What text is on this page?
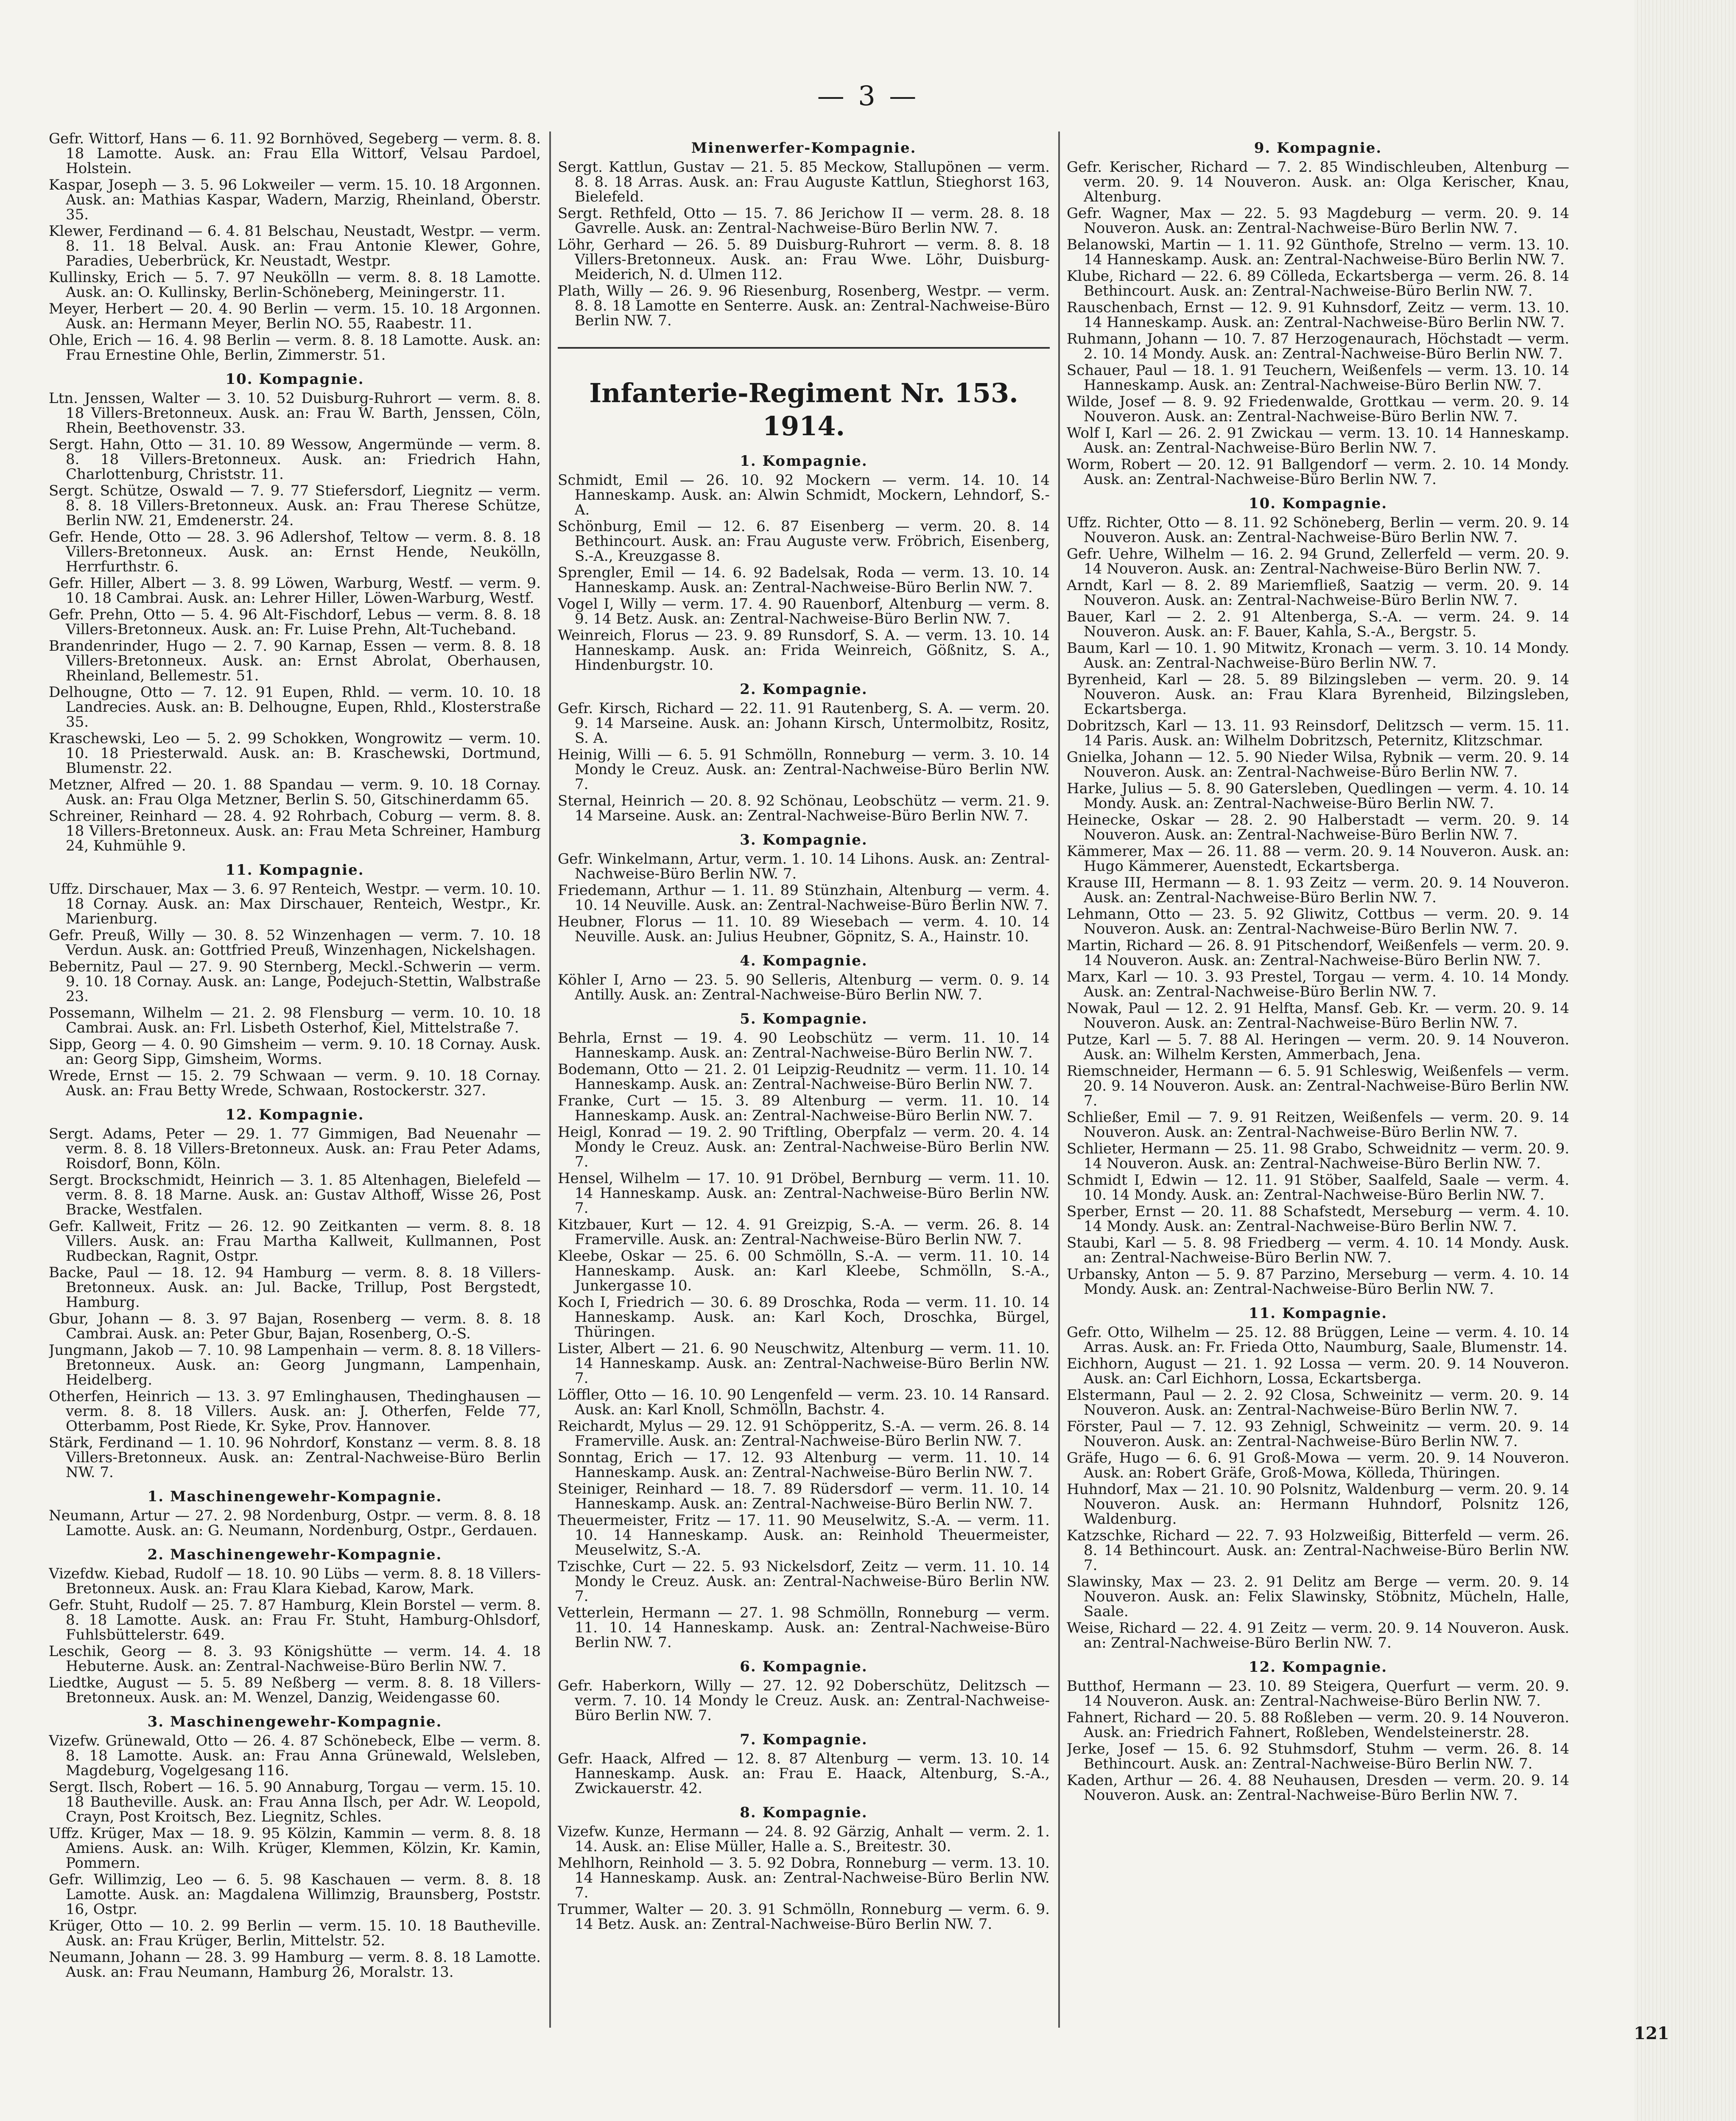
— 3 —
Gefr. Wittorf, Hans — 6. 11. 92 Bornhöved, Segeberg — verm. 8. 8. 18 Lamotte. Ausk. an: Frau Ella Wittorf, Velsau Pardoel, Holstein.
Kaspar, Joseph — 3. 5. 96 Lokweiler — verm. 15. 10. 18 Argonnen. Ausk. an: Mathias Kaspar, Wadern, Marzig, Rheinland, Oberstr. 35.
Klewer, Ferdinand — 6. 4. 81 Belschau, Neustadt, Westpr. — verm. 8. 11. 18 Belval. Ausk. an: Frau Antonie Klewer, Gohre, Paradies, Ueberbrück, Kr. Neustadt, Westpr.
Kullinsky, Erich — 5. 7. 97 Neukölln — verm. 8. 8. 18 Lamotte. Ausk. an: O. Kullinsky, Berlin-Schöneberg, Meiningerstr. 11.
Meyer, Herbert — 20. 4. 90 Berlin — verm. 15. 10. 18 Argonnen. Ausk. an: Hermann Meyer, Berlin NO. 55, Raabestr. 11.
Ohle, Erich — 16. 4. 98 Berlin — verm. 8. 8. 18 Lamotte. Ausk. an: Frau Ernestine Ohle, Berlin, Zimmerstr. 51.
10. Kompagnie.
Ltn. Jenssen, Walter — 3. 10. 52 Duisburg-Ruhrort — verm. 8. 8. 18 Villers-Bretonneux. Ausk. an: Frau W. Barth, Jenssen, Cöln, Rhein, Beethovenstr. 33.
Sergt. Hahn, Otto — 31. 10. 89 Wessow, Angermünde — verm. 8. 8. 18 Villers-Bretonneux. Ausk. an: Friedrich Hahn, Charlottenburg, Christstr. 11.
Sergt. Schütze, Oswald — 7. 9. 77 Stiefersdorf, Liegnitz — verm. 8. 8. 18 Villers-Bretonneux. Ausk. an: Frau Therese Schütze, Berlin NW. 21, Emdenerstr. 24.
Gefr. Hende, Otto — 28. 3. 96 Adlershof, Teltow — verm. 8. 8. 18 Villers-Bretonneux. Ausk. an: Ernst Hende, Neukölln, Herrfurthstr. 6.
Gefr. Hiller, Albert — 3. 8. 99 Löwen, Warburg, Westf. — verm. 9. 10. 18 Cambrai. Ausk. an: Lehrer Hiller, Löwen-Warburg, Westf.
Gefr. Prehn, Otto — 5. 4. 96 Alt-Fischdorf, Lebus — verm. 8. 8. 18 Villers-Bretonneux. Ausk. an: Fr. Luise Prehn, Alt-Tucheband.
Brandenrinder, Hugo — 2. 7. 90 Karnap, Essen — verm. 8. 8. 18 Villers-Bretonneux. Ausk. an: Ernst Abrolat, Oberhausen, Rheinland, Bellemestr. 51.
Delhougne, Otto — 7. 12. 91 Eupen, Rhld. — verm. 10. 10. 18 Landrecies. Ausk. an: B. Delhougne, Eupen, Rhld., Klosterstraße 35.
Kraschewski, Leo — 5. 2. 99 Schokken, Wongrowitz — verm. 10. 10. 18 Priesterwald. Ausk. an: B. Kraschewski, Dortmund, Blumenstr. 22.
Metzner, Alfred — 20. 1. 88 Spandau — verm. 9. 10. 18 Cornay. Ausk. an: Frau Olga Metzner, Berlin S. 50, Gitschinerdamm 65.
Schreiner, Reinhard — 28. 4. 92 Rohrbach, Coburg — verm. 8. 8. 18 Villers-Bretonneux. Ausk. an: Frau Meta Schreiner, Hamburg 24, Kuhmühle 9.
11. Kompagnie.
Uffz. Dirschauer, Max — 3. 6. 97 Renteich, Westpr. — verm. 10. 10. 18 Cornay. Ausk. an: Max Dirschauer, Renteich, Westpr., Kr. Marienburg.
Gefr. Preuß, Willy — 30. 8. 52 Winzenhagen — verm. 7. 10. 18 Verdun. Ausk. an: Gottfried Preuß, Winzenhagen, Nickelshagen.
Bebernitz, Paul — 27. 9. 90 Sternberg, Meckl.-Schwerin — verm. 9. 10. 18 Cornay. Ausk. an: Lange, Podejuch-Stettin, Walbstraße 23.
Possemann, Wilhelm — 21. 2. 98 Flensburg — verm. 10. 10. 18 Cambrai. Ausk. an: Frl. Lisbeth Osterhof, Kiel, Mittelstraße 7.
Sipp, Georg — 4. 0. 90 Gimsheim — verm. 9. 10. 18 Cornay. Ausk. an: Georg Sipp, Gimsheim, Worms.
Wrede, Ernst — 15. 2. 79 Schwaan — verm. 9. 10. 18 Cornay. Ausk. an: Frau Betty Wrede, Schwaan, Rostockerstr. 327.
12. Kompagnie.
Sergt. Adams, Peter — 29. 1. 77 Gimmigen, Bad Neuenahr — verm. 8. 8. 18 Villers-Bretonneux. Ausk. an: Frau Peter Adams, Roisdorf, Bonn, Köln.
Sergt. Brockschmidt, Heinrich — 3. 1. 85 Altenhagen, Bielefeld — verm. 8. 8. 18 Marne. Ausk. an: Gustav Althoff, Wisse 26, Post Bracke, Westfalen.
Gefr. Kallweit, Fritz — 26. 12. 90 Zeitkanten — verm. 8. 8. 18 Villers. Ausk. an: Frau Martha Kallweit, Kullmannen, Post Rudbeckan, Ragnit, Ostpr.
Backe, Paul — 18. 12. 94 Hamburg — verm. 8. 8. 18 Villers-Bretonneux. Ausk. an: Jul. Backe, Trillup, Post Bergstedt, Hamburg.
Gbur, Johann — 8. 3. 97 Bajan, Rosenberg — verm. 8. 8. 18 Cambrai. Ausk. an: Peter Gbur, Bajan, Rosenberg, O.-S.
Jungmann, Jakob — 7. 10. 98 Lampenhain — verm. 8. 8. 18 Villers-Bretonneux. Ausk. an: Georg Jungmann, Lampenhain, Heidelberg.
Otherfen, Heinrich — 13. 3. 97 Emlinghausen, Thedinghausen — verm. 8. 8. 18 Villers. Ausk. an: J. Otherfen, Felde 77, Otterbamm, Post Riede, Kr. Syke, Prov. Hannover.
Stärk, Ferdinand — 1. 10. 96 Nohrdorf, Konstanz — verm. 8. 8. 18 Villers-Bretonneux. Ausk. an: Zentral-Nachweise-Büro Berlin NW. 7.
1. Maschinengewehr-Kompagnie.
Neumann, Artur — 27. 2. 98 Nordenburg, Ostpr. — verm. 8. 8. 18 Lamotte. Ausk. an: G. Neumann, Nordenburg, Ostpr., Gerdauen.
2. Maschinengewehr-Kompagnie.
Vizefdw. Kiebad, Rudolf — 18. 10. 90 Lübs — verm. 8. 8. 18 Villers-Bretonneux. Ausk. an: Frau Klara Kiebad, Karow, Mark.
Gefr. Stuht, Rudolf — 25. 7. 87 Hamburg, Klein Borstel — verm. 8. 8. 18 Lamotte. Ausk. an: Frau Fr. Stuht, Hamburg-Ohlsdorf, Fuhlsbüttelerstr. 649.
Leschik, Georg — 8. 3. 93 Königshütte — verm. 14. 4. 18 Hebuterne. Ausk. an: Zentral-Nachweise-Büro Berlin NW. 7.
Liedtke, August — 5. 5. 89 Neßberg — verm. 8. 8. 18 Villers-Bretonneux. Ausk. an: M. Wenzel, Danzig, Weidengasse 60.
3. Maschinengewehr-Kompagnie.
Vizefw. Grünewald, Otto — 26. 4. 87 Schönebeck, Elbe — verm. 8. 8. 18 Lamotte. Ausk. an: Frau Anna Grünewald, Welsleben, Magdeburg, Vogelgesang 116.
Sergt. Ilsch, Robert — 16. 5. 90 Annaburg, Torgau — verm. 15. 10. 18 Bautheville. Ausk. an: Frau Anna Ilsch, per Adr. W. Leopold, Crayn, Post Kroitsch, Bez. Liegnitz, Schles.
Uffz. Krüger, Max — 18. 9. 95 Kölzin, Kammin — verm. 8. 8. 18 Amiens. Ausk. an: Wilh. Krüger, Klemmen, Kölzin, Kr. Kamin, Pommern.
Gefr. Willimzig, Leo — 6. 5. 98 Kaschauen — verm. 8. 8. 18 Lamotte. Ausk. an: Magdalena Willimzig, Braunsberg, Poststr. 16, Ostpr.
Krüger, Otto — 10. 2. 99 Berlin — verm. 15. 10. 18 Bautheville. Ausk. an: Frau Krüger, Berlin, Mittelstr. 52.
Neumann, Johann — 28. 3. 99 Hamburg — verm. 8. 8. 18 Lamotte. Ausk. an: Frau Neumann, Hamburg 26, Moralstr. 13.
Minenwerfer-Kompagnie.
Sergt. Kattlun, Gustav — 21. 5. 85 Meckow, Stallupönen — verm. 8. 8. 18 Arras. Ausk. an: Frau Auguste Kattlun, Stieghorst 163, Bielefeld.
Sergt. Rethfeld, Otto — 15. 7. 86 Jerichow II — verm. 28. 8. 18 Gavrelle. Ausk. an: Zentral-Nachweise-Büro Berlin NW. 7.
Löhr, Gerhard — 26. 5. 89 Duisburg-Ruhrort — verm. 8. 8. 18 Villers-Bretonneux. Ausk. an: Frau Wwe. Löhr, Duisburg-Meiderich, N. d. Ulmen 112.
Plath, Willy — 26. 9. 96 Riesenburg, Rosenberg, Westpr. — verm. 8. 8. 18 Lamotte en Senterre. Ausk. an: Zentral-Nachweise-Büro Berlin NW. 7.
Infanterie-Regiment Nr. 153.
1914.
1. Kompagnie.
Schmidt, Emil — 26. 10. 92 Mockern — verm. 14. 10. 14 Hanneskamp. Ausk. an: Alwin Schmidt, Mockern, Lehndorf, S.-A.
Schönburg, Emil — 12. 6. 87 Eisenberg — verm. 20. 8. 14 Bethincourt. Ausk. an: Frau Auguste verw. Fröbrich, Eisenberg, S.-A., Kreuzgasse 8.
Sprengler, Emil — 14. 6. 92 Badelsak, Roda — verm. 13. 10. 14 Hanneskamp. Ausk. an: Zentral-Nachweise-Büro Berlin NW. 7.
Vogel I, Willy — verm. 17. 4. 90 Rauenborf, Altenburg — verm. 8. 9. 14 Betz. Ausk. an: Zentral-Nachweise-Büro Berlin NW. 7.
Weinreich, Florus — 23. 9. 89 Runsdorf, S. A. — verm. 13. 10. 14 Hanneskamp. Ausk. an: Frida Weinreich, Gößnitz, S. A., Hindenburgstr. 10.
2. Kompagnie.
Gefr. Kirsch, Richard — 22. 11. 91 Rautenberg, S. A. — verm. 20. 9. 14 Marseine. Ausk. an: Johann Kirsch, Untermolbitz, Rositz, S. A.
Heinig, Willi — 6. 5. 91 Schmölln, Ronneburg — verm. 3. 10. 14 Mondy le Creuz. Ausk. an: Zentral-Nachweise-Büro Berlin NW. 7.
Sternal, Heinrich — 20. 8. 92 Schönau, Leobschütz — verm. 21. 9. 14 Marseine. Ausk. an: Zentral-Nachweise-Büro Berlin NW. 7.
3. Kompagnie.
Gefr. Winkelmann, Artur, verm. 1. 10. 14 Lihons. Ausk. an: Zentral-Nachweise-Büro Berlin NW. 7.
Friedemann, Arthur — 1. 11. 89 Stünzhain, Altenburg — verm. 4. 10. 14 Neuville. Ausk. an: Zentral-Nachweise-Büro Berlin NW. 7.
Heubner, Florus — 11. 10. 89 Wiesebach — verm. 4. 10. 14 Neuville. Ausk. an: Julius Heubner, Göpnitz, S. A., Hainstr. 10.
4. Kompagnie.
Köhler I, Arno — 23. 5. 90 Selleris, Altenburg — verm. 0. 9. 14 Antilly. Ausk. an: Zentral-Nachweise-Büro Berlin NW. 7.
5. Kompagnie.
Behrla, Ernst — 19. 4. 90 Leobschütz — verm. 11. 10. 14 Hanneskamp. Ausk. an: Zentral-Nachweise-Büro Berlin NW. 7.
Bodemann, Otto — 21. 2. 01 Leipzig-Reudnitz — verm. 11. 10. 14 Hanneskamp. Ausk. an: Zentral-Nachweise-Büro Berlin NW. 7.
Franke, Curt — 15. 3. 89 Altenburg — verm. 11. 10. 14 Hanneskamp. Ausk. an: Zentral-Nachweise-Büro Berlin NW. 7.
Heigl, Konrad — 19. 2. 90 Triftling, Oberpfalz — verm. 20. 4. 14 Mondy le Creuz. Ausk. an: Zentral-Nachweise-Büro Berlin NW. 7.
Hensel, Wilhelm — 17. 10. 91 Dröbel, Bernburg — verm. 11. 10. 14 Hanneskamp. Ausk. an: Zentral-Nachweise-Büro Berlin NW. 7.
Kitzbauer, Kurt — 12. 4. 91 Greizpig, S.-A. — verm. 26. 8. 14 Framerville. Ausk. an: Zentral-Nachweise-Büro Berlin NW. 7.
Kleebe, Oskar — 25. 6. 00 Schmölln, S.-A. — verm. 11. 10. 14 Hanneskamp. Ausk. an: Karl Kleebe, Schmölln, S.-A., Junkergasse 10.
Koch I, Friedrich — 30. 6. 89 Droschka, Roda — verm. 11. 10. 14 Hanneskamp. Ausk. an: Karl Koch, Droschka, Bürgel, Thüringen.
Lister, Albert — 21. 6. 90 Neuschwitz, Altenburg — verm. 11. 10. 14 Hanneskamp. Ausk. an: Zentral-Nachweise-Büro Berlin NW. 7.
Löffler, Otto — 16. 10. 90 Lengenfeld — verm. 23. 10. 14 Ransard. Ausk. an: Karl Knoll, Schmölln, Bachstr. 4.
Reichardt, Mylus — 29. 12. 91 Schöpperitz, S.-A. — verm. 26. 8. 14 Framerville. Ausk. an: Zentral-Nachweise-Büro Berlin NW. 7.
Sonntag, Erich — 17. 12. 93 Altenburg — verm. 11. 10. 14 Hanneskamp. Ausk. an: Zentral-Nachweise-Büro Berlin NW. 7.
Steiniger, Reinhard — 18. 7. 89 Rüdersdorf — verm. 11. 10. 14 Hanneskamp. Ausk. an: Zentral-Nachweise-Büro Berlin NW. 7.
Theuermeister, Fritz — 17. 11. 90 Meuselwitz, S.-A. — verm. 11. 10. 14 Hanneskamp. Ausk. an: Reinhold Theuermeister, Meuselwitz, S.-A.
Tzischke, Curt — 22. 5. 93 Nickelsdorf, Zeitz — verm. 11. 10. 14 Mondy le Creuz. Ausk. an: Zentral-Nachweise-Büro Berlin NW. 7.
Vetterlein, Hermann — 27. 1. 98 Schmölln, Ronneburg — verm. 11. 10. 14 Hanneskamp. Ausk. an: Zentral-Nachweise-Büro Berlin NW. 7.
6. Kompagnie.
Gefr. Haberkorn, Willy — 27. 12. 92 Doberschütz, Delitzsch — verm. 7. 10. 14 Mondy le Creuz. Ausk. an: Zentral-Nachweise-Büro Berlin NW. 7.
7. Kompagnie.
Gefr. Haack, Alfred — 12. 8. 87 Altenburg — verm. 13. 10. 14 Hanneskamp. Ausk. an: Frau E. Haack, Altenburg, S.-A., Zwickauerstr. 42.
8. Kompagnie.
Vizefw. Kunze, Hermann — 24. 8. 92 Gärzig, Anhalt — verm. 2. 1. 14. Ausk. an: Elise Müller, Halle a. S., Breitestr. 30.
Mehlhorn, Reinhold — 3. 5. 92 Dobra, Ronneburg — verm. 13. 10. 14 Hanneskamp. Ausk. an: Zentral-Nachweise-Büro Berlin NW. 7.
Trummer, Walter — 20. 3. 91 Schmölln, Ronneburg — verm. 6. 9. 14 Betz. Ausk. an: Zentral-Nachweise-Büro Berlin NW. 7.
9. Kompagnie.
Gefr. Kerischer, Richard — 7. 2. 85 Windischleuben, Altenburg — verm. 20. 9. 14 Nouveron. Ausk. an: Olga Kerischer, Knau, Altenburg.
Gefr. Wagner, Max — 22. 5. 93 Magdeburg — verm. 20. 9. 14 Nouveron. Ausk. an: Zentral-Nachweise-Büro Berlin NW. 7.
Belanowski, Martin — 1. 11. 92 Günthofe, Strelno — verm. 13. 10. 14 Hanneskamp. Ausk. an: Zentral-Nachweise-Büro Berlin NW. 7.
Klube, Richard — 22. 6. 89 Cölleda, Eckartsberga — verm. 26. 8. 14 Bethincourt. Ausk. an: Zentral-Nachweise-Büro Berlin NW. 7.
Rauschenbach, Ernst — 12. 9. 91 Kuhnsdorf, Zeitz — verm. 13. 10. 14 Hanneskamp. Ausk. an: Zentral-Nachweise-Büro Berlin NW. 7.
Ruhmann, Johann — 10. 7. 87 Herzogenaurach, Höchstadt — verm. 2. 10. 14 Mondy. Ausk. an: Zentral-Nachweise-Büro Berlin NW. 7.
Schauer, Paul — 18. 1. 91 Teuchern, Weißenfels — verm. 13. 10. 14 Hanneskamp. Ausk. an: Zentral-Nachweise-Büro Berlin NW. 7.
Wilde, Josef — 8. 9. 92 Friedenwalde, Grottkau — verm. 20. 9. 14 Nouveron. Ausk. an: Zentral-Nachweise-Büro Berlin NW. 7.
Wolf I, Karl — 26. 2. 91 Zwickau — verm. 13. 10. 14 Hanneskamp. Ausk. an: Zentral-Nachweise-Büro Berlin NW. 7.
Worm, Robert — 20. 12. 91 Ballgendorf — verm. 2. 10. 14 Mondy. Ausk. an: Zentral-Nachweise-Büro Berlin NW. 7.
10. Kompagnie.
Uffz. Richter, Otto — 8. 11. 92 Schöneberg, Berlin — verm. 20. 9. 14 Nouveron. Ausk. an: Zentral-Nachweise-Büro Berlin NW. 7.
Gefr. Uehre, Wilhelm — 16. 2. 94 Grund, Zellerfeld — verm. 20. 9. 14 Nouveron. Ausk. an: Zentral-Nachweise-Büro Berlin NW. 7.
Arndt, Karl — 8. 2. 89 Mariemfließ, Saatzig — verm. 20. 9. 14 Nouveron. Ausk. an: Zentral-Nachweise-Büro Berlin NW. 7.
Bauer, Karl — 2. 2. 91 Altenberga, S.-A. — verm. 24. 9. 14 Nouveron. Ausk. an: F. Bauer, Kahla, S.-A., Bergstr. 5.
Baum, Karl — 10. 1. 90 Mitwitz, Kronach — verm. 3. 10. 14 Mondy. Ausk. an: Zentral-Nachweise-Büro Berlin NW. 7.
Byrenheid, Karl — 28. 5. 89 Bilzingsleben — verm. 20. 9. 14 Nouveron. Ausk. an: Frau Klara Byrenheid, Bilzingsleben, Eckartsberga.
Dobritzsch, Karl — 13. 11. 93 Reinsdorf, Delitzsch — verm. 15. 11. 14 Paris. Ausk. an: Wilhelm Dobritzsch, Peternitz, Klitzschmar.
Gnielka, Johann — 12. 5. 90 Nieder Wilsa, Rybnik — verm. 20. 9. 14 Nouveron. Ausk. an: Zentral-Nachweise-Büro Berlin NW. 7.
Harke, Julius — 5. 8. 90 Gatersleben, Quedlingen — verm. 4. 10. 14 Mondy. Ausk. an: Zentral-Nachweise-Büro Berlin NW. 7.
Heinecke, Oskar — 28. 2. 90 Halberstadt — verm. 20. 9. 14 Nouveron. Ausk. an: Zentral-Nachweise-Büro Berlin NW. 7.
Kämmerer, Max — 26. 11. 88 — verm. 20. 9. 14 Nouveron. Ausk. an: Hugo Kämmerer, Auenstedt, Eckartsberga.
Krause III, Hermann — 8. 1. 93 Zeitz — verm. 20. 9. 14 Nouveron. Ausk. an: Zentral-Nachweise-Büro Berlin NW. 7.
Lehmann, Otto — 23. 5. 92 Gliwitz, Cottbus — verm. 20. 9. 14 Nouveron. Ausk. an: Zentral-Nachweise-Büro Berlin NW. 7.
Martin, Richard — 26. 8. 91 Pitschendorf, Weißenfels — verm. 20. 9. 14 Nouveron. Ausk. an: Zentral-Nachweise-Büro Berlin NW. 7.
Marx, Karl — 10. 3. 93 Prestel, Torgau — verm. 4. 10. 14 Mondy. Ausk. an: Zentral-Nachweise-Büro Berlin NW. 7.
Nowak, Paul — 12. 2. 91 Helfta, Mansf. Geb. Kr. — verm. 20. 9. 14 Nouveron. Ausk. an: Zentral-Nachweise-Büro Berlin NW. 7.
Putze, Karl — 5. 7. 88 Al. Heringen — verm. 20. 9. 14 Nouveron. Ausk. an: Wilhelm Kersten, Ammerbach, Jena.
Riemschneider, Hermann — 6. 5. 91 Schleswig, Weißenfels — verm. 20. 9. 14 Nouveron. Ausk. an: Zentral-Nachweise-Büro Berlin NW. 7.
Schließer, Emil — 7. 9. 91 Reitzen, Weißenfels — verm. 20. 9. 14 Nouveron. Ausk. an: Zentral-Nachweise-Büro Berlin NW. 7.
Schlieter, Hermann — 25. 11. 98 Grabo, Schweidnitz — verm. 20. 9. 14 Nouveron. Ausk. an: Zentral-Nachweise-Büro Berlin NW. 7.
Schmidt I, Edwin — 12. 11. 91 Stöber, Saalfeld, Saale — verm. 4. 10. 14 Mondy. Ausk. an: Zentral-Nachweise-Büro Berlin NW. 7.
Sperber, Ernst — 20. 11. 88 Schafstedt, Merseburg — verm. 4. 10. 14 Mondy. Ausk. an: Zentral-Nachweise-Büro Berlin NW. 7.
Staubi, Karl — 5. 8. 98 Friedberg — verm. 4. 10. 14 Mondy. Ausk. an: Zentral-Nachweise-Büro Berlin NW. 7.
Urbansky, Anton — 5. 9. 87 Parzino, Merseburg — verm. 4. 10. 14 Mondy. Ausk. an: Zentral-Nachweise-Büro Berlin NW. 7.
11. Kompagnie.
Gefr. Otto, Wilhelm — 25. 12. 88 Brüggen, Leine — verm. 4. 10. 14 Arras. Ausk. an: Fr. Frieda Otto, Naumburg, Saale, Blumenstr. 14.
Eichhorn, August — 21. 1. 92 Lossa — verm. 20. 9. 14 Nouveron. Ausk. an: Carl Eichhorn, Lossa, Eckartsberga.
Elstermann, Paul — 2. 2. 92 Closa, Schweinitz — verm. 20. 9. 14 Nouveron. Ausk. an: Zentral-Nachweise-Büro Berlin NW. 7.
Förster, Paul — 7. 12. 93 Zehnigl, Schweinitz — verm. 20. 9. 14 Nouveron. Ausk. an: Zentral-Nachweise-Büro Berlin NW. 7.
Gräfe, Hugo — 6. 6. 91 Groß-Mowa — verm. 20. 9. 14 Nouveron. Ausk. an: Robert Gräfe, Groß-Mowa, Kölleda, Thüringen.
Huhndorf, Max — 21. 10. 90 Polsnitz, Waldenburg — verm. 20. 9. 14 Nouveron. Ausk. an: Hermann Huhndorf, Polsnitz 126, Waldenburg.
Katzschke, Richard — 22. 7. 93 Holzweißig, Bitterfeld — verm. 26. 8. 14 Bethincourt. Ausk. an: Zentral-Nachweise-Büro Berlin NW. 7.
Slawinsky, Max — 23. 2. 91 Delitz am Berge — verm. 20. 9. 14 Nouveron. Ausk. an: Felix Slawinsky, Stöbnitz, Mücheln, Halle, Saale.
Weise, Richard — 22. 4. 91 Zeitz — verm. 20. 9. 14 Nouveron. Ausk. an: Zentral-Nachweise-Büro Berlin NW. 7.
12. Kompagnie.
Butthof, Hermann — 23. 10. 89 Steigera, Querfurt — verm. 20. 9. 14 Nouveron. Ausk. an: Zentral-Nachweise-Büro Berlin NW. 7.
Fahnert, Richard — 20. 5. 88 Roßleben — verm. 20. 9. 14 Nouveron. Ausk. an: Friedrich Fahnert, Roßleben, Wendelsteinerstr. 28.
Jerke, Josef — 15. 6. 92 Stuhmsdorf, Stuhm — verm. 26. 8. 14 Bethincourt. Ausk. an: Zentral-Nachweise-Büro Berlin NW. 7.
Kaden, Arthur — 26. 4. 88 Neuhausen, Dresden — verm. 20. 9. 14 Nouveron. Ausk. an: Zentral-Nachweise-Büro Berlin NW. 7.
121
